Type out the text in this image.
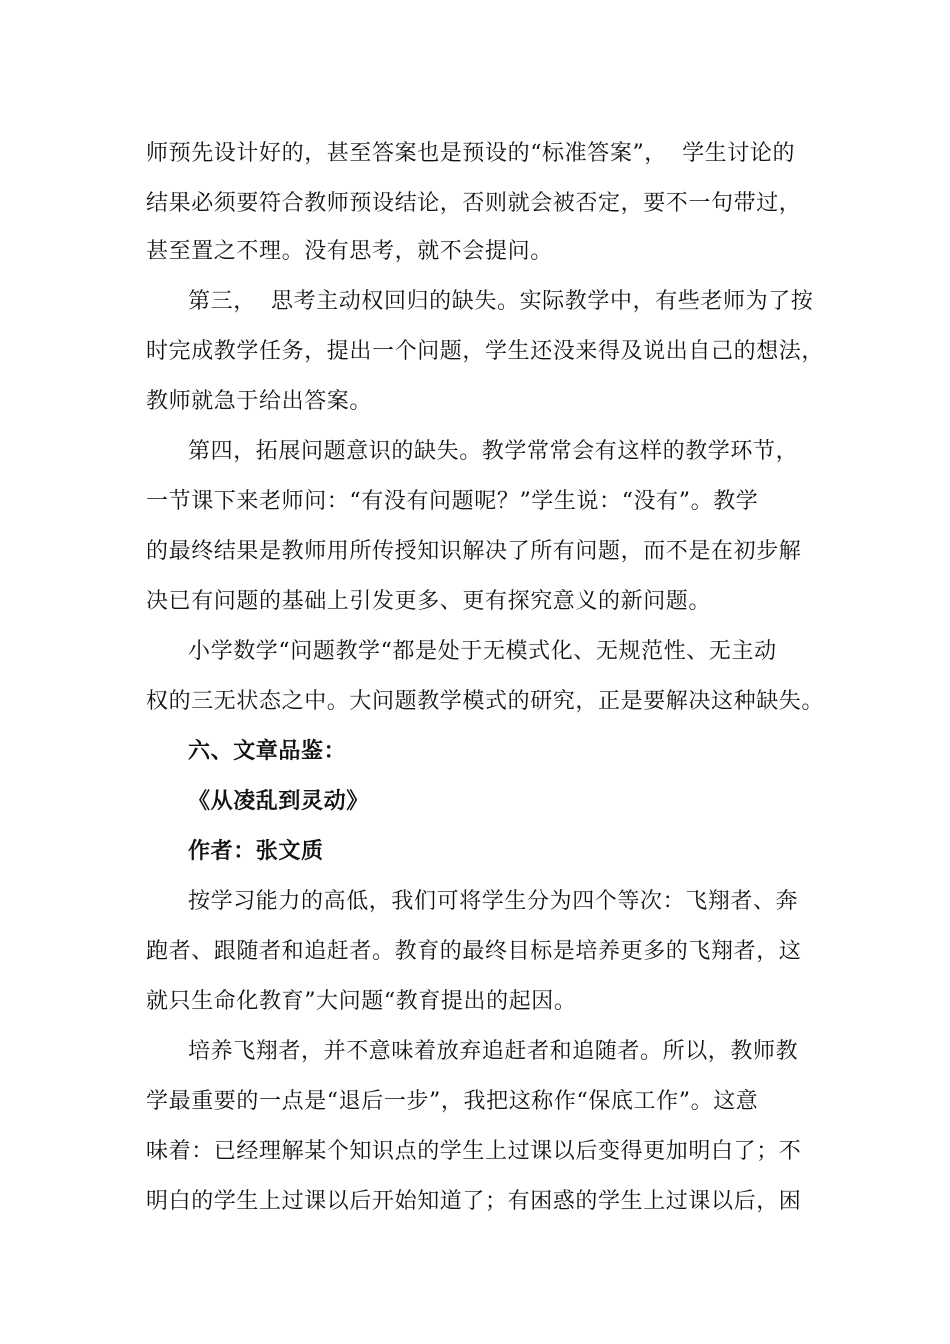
师预先设计好的，甚至答案也是预设的“标准答案”，  学生讨论的
结果必须要符合教师预设结论，否则就会被否定，要不一句带过，
甚至置之不理。没有思考，就不会提问。
第三，  思考主动权回归的缺失。实际教学中，有些老师为了按
时完成教学任务，提出一个问题，学生还没来得及说出自己的想法，
教师就急于给出答案。
第四，拓展问题意识的缺失。教学常常会有这样的教学环节，
一节课下来老师问：“有没有问题呢？”学生说：“没有”。教学
的最终结果是教师用所传授知识解决了所有问题，而不是在初步解
决已有问题的基础上引发更多、更有探究意义的新问题。
小学数学“问题教学“都是处于无模式化、无规范性、无主动
权的三无状态之中。大问题教学模式的研究，正是要解决这种缺失。
六、文章品鉴：
《从凌乱到灵动》
作者：张文质
按学习能力的高低，我们可将学生分为四个等次：飞翔者、奔
跑者、跟随者和追赶者。教育的最终目标是培养更多的飞翔者，这
就只生命化教育”大问题“教育提出的起因。
培养飞翔者，并不意味着放弃追赶者和追随者。所以，教师教
学最重要的一点是“退后一步”，我把这称作“保底工作”。这意
味着：已经理解某个知识点的学生上过课以后变得更加明白了；不
明白的学生上过课以后开始知道了；有困惑的学生上过课以后，困
